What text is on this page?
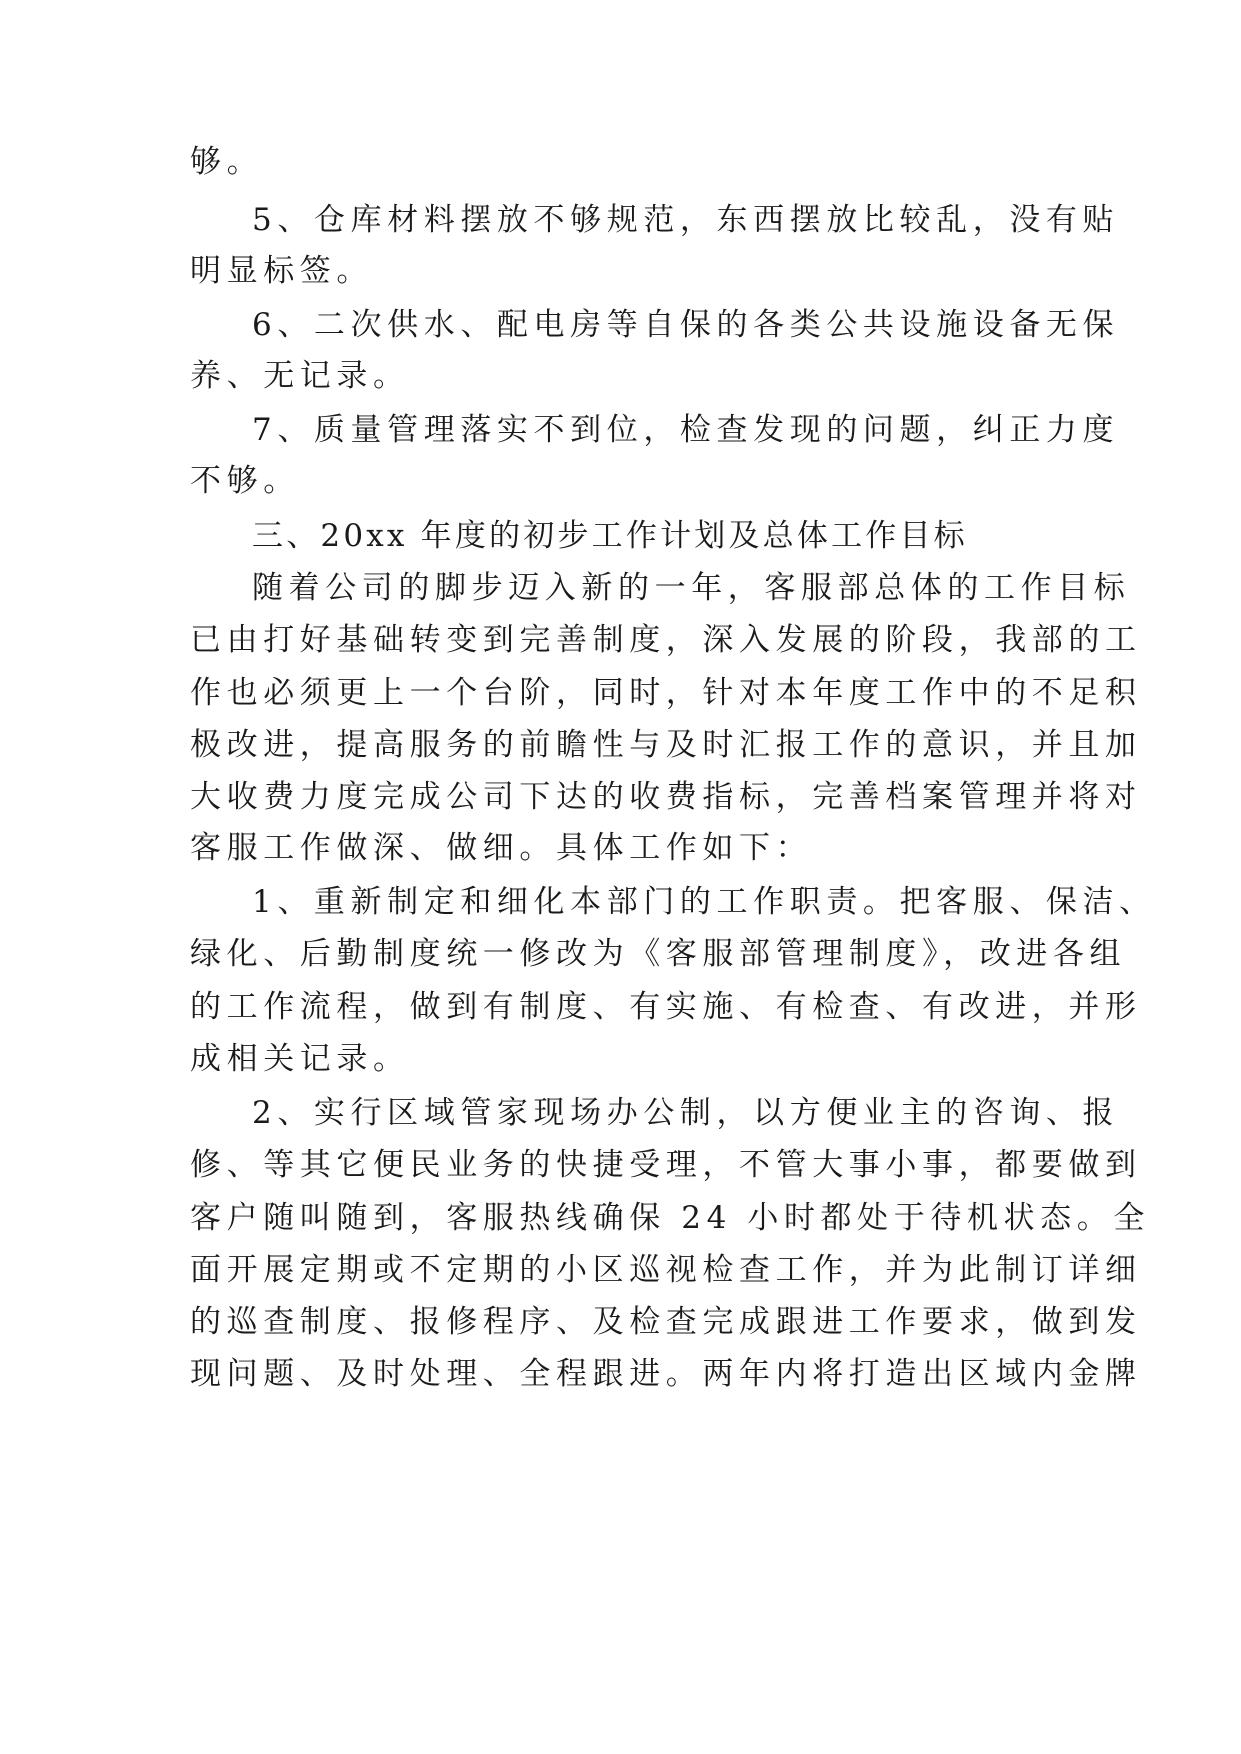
够。

5、仓库材料摆放不够规范，东西摆放比较乱，没有贴

明显标签。

6、二次供水、配电房等自保的各类公共设施设备无保

养、无记录。

7、质量管理落实不到位，检查发现的问题，纠正力度

不够。

三、20xx 年度的初步工作计划及总体工作目标

随着公司的脚步迈入新的一年，客服部总体的工作目标

已由打好基础转变到完善制度，深入发展的阶段，我部的工

作也必须更上一个台阶，同时，针对本年度工作中的不足积

极改进，提高服务的前瞻性与及时汇报工作的意识，并且加

大收费力度完成公司下达的收费指标，完善档案管理并将对

客服工作做深、做细。具体工作如下：

1、重新制定和细化本部门的工作职责。把客服、保洁、

绿化、后勤制度统一修改为《客服部管理制度》，改进各组

的工作流程，做到有制度、有实施、有检查、有改进，并形

成相关记录。

2、实行区域管家现场办公制，以方便业主的咨询、报

修、等其它便民业务的快捷受理，不管大事小事，都要做到

客户随叫随到，客服热线确保 24 小时都处于待机状态。全

面开展定期或不定期的小区巡视检查工作，并为此制订详细

的巡查制度、报修程序、及检查完成跟进工作要求，做到发

现问题、及时处理、全程跟进。两年内将打造出区域内金牌
